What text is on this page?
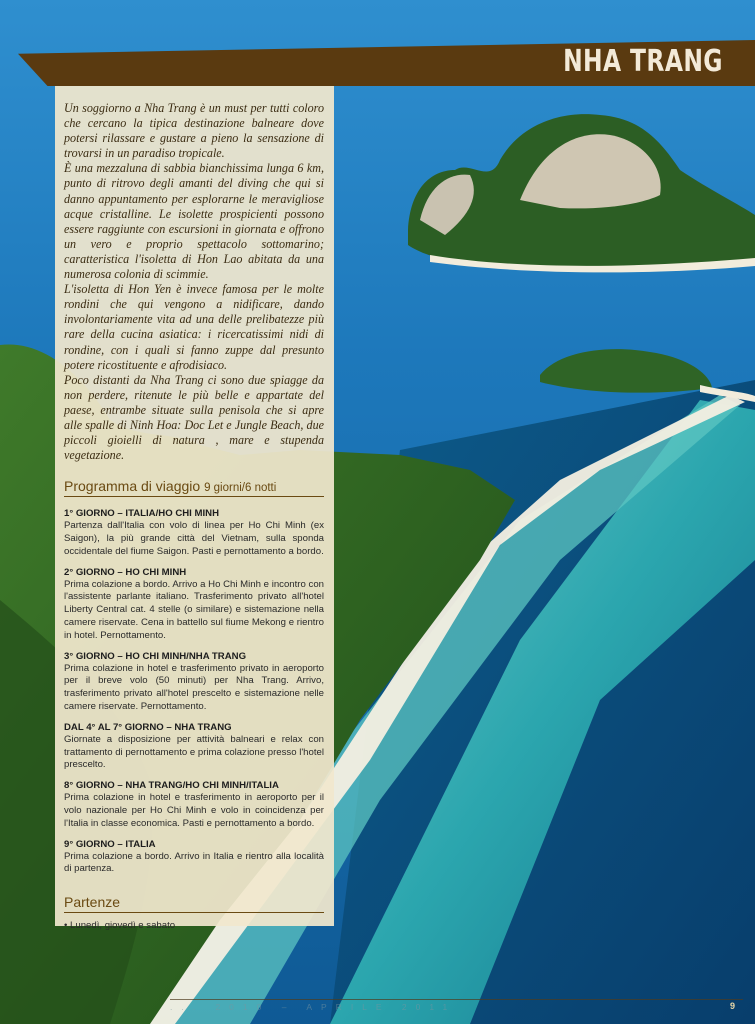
NHA TRANG

Un soggiorno a Nha Trang è un must per tutti coloro che cercano la tipica destinazione balneare dove potersi rilassare e gustare a pieno la sensazione di trovarsi in un paradiso tropicale.

È una mezzaluna di sabbia bianchissima lunga 6 km, punto di ritrovo degli amanti del diving che qui si danno appuntamento per esplorarne le meravigliose acque cristalline. Le isolette prospicienti possono essere raggiunte con escursioni in giornata e offrono un vero e proprio spettacolo sottomarino; caratteristica l'isoletta di Hon Lao abitata da una numerosa colonia di scimmie.

L'isoletta di Hon Yen è invece famosa per le molte rondini che qui vengono a nidificare, dando involontariamente vita ad una delle prelibatezze più rare della cucina asiatica: i ricercatissimi nidi di rondine, con i quali si fanno zuppe dal presunto potere ricostituente e afrodisiaco.

Poco distanti da Nha Trang ci sono due spiagge da non perdere, ritenute le più belle e appartate del paese, entrambe situate sulla penisola che si apre alle spalle di Ninh Hoa: Doc Let e Jungle Beach, due piccoli gioielli di natura , mare e stupenda vegetazione.

Programma di viaggio 9 giorni/6 notti
1° GIORNO – ITALIA/HO CHI MINH
Partenza dall'Italia con volo di linea per Ho Chi Minh (ex Saigon), la più grande città del Vietnam, sulla sponda occidentale del fiume Saigon. Pasti e pernottamento a bordo.
2° GIORNO – HO CHI MINH
Prima colazione a bordo. Arrivo a Ho Chi Minh e incontro con l'assistente parlante italiano. Trasferimento privato all'hotel Liberty Central cat. 4 stelle (o similare) e sistemazione nella camere riservate. Cena in battello sul fiume Mekong e rientro in hotel. Pernottamento.
3° GIORNO – HO CHI MINH/NHA TRANG
Prima colazione in hotel e trasferimento privato in aeroporto per il breve volo (50 minuti) per Nha Trang. Arrivo, trasferimento privato all'hotel prescelto e sistemazione nelle camere riservate. Pernottamento.
DAL 4° AL 7° GIORNO – NHA TRANG
Giornate a disposizione per attività balneari e relax con trattamento di pernottamento e prima colazione presso l'hotel prescelto.
8° GIORNO – NHA TRANG/HO CHI MINH/ITALIA
Prima colazione in hotel e trasferimento in aeroporto per il volo nazionale per Ho Chi Minh e volo in coincidenza per l'Italia in classe economica. Pasti e pernottamento a bordo.
9° GIORNO – ITALIA
Prima colazione a bordo. Arrivo in Italia e rientro alla località di partenza.
Partenze
• Lunedì, giovedì e sabato
... 2010 – APRILE 2011	9
